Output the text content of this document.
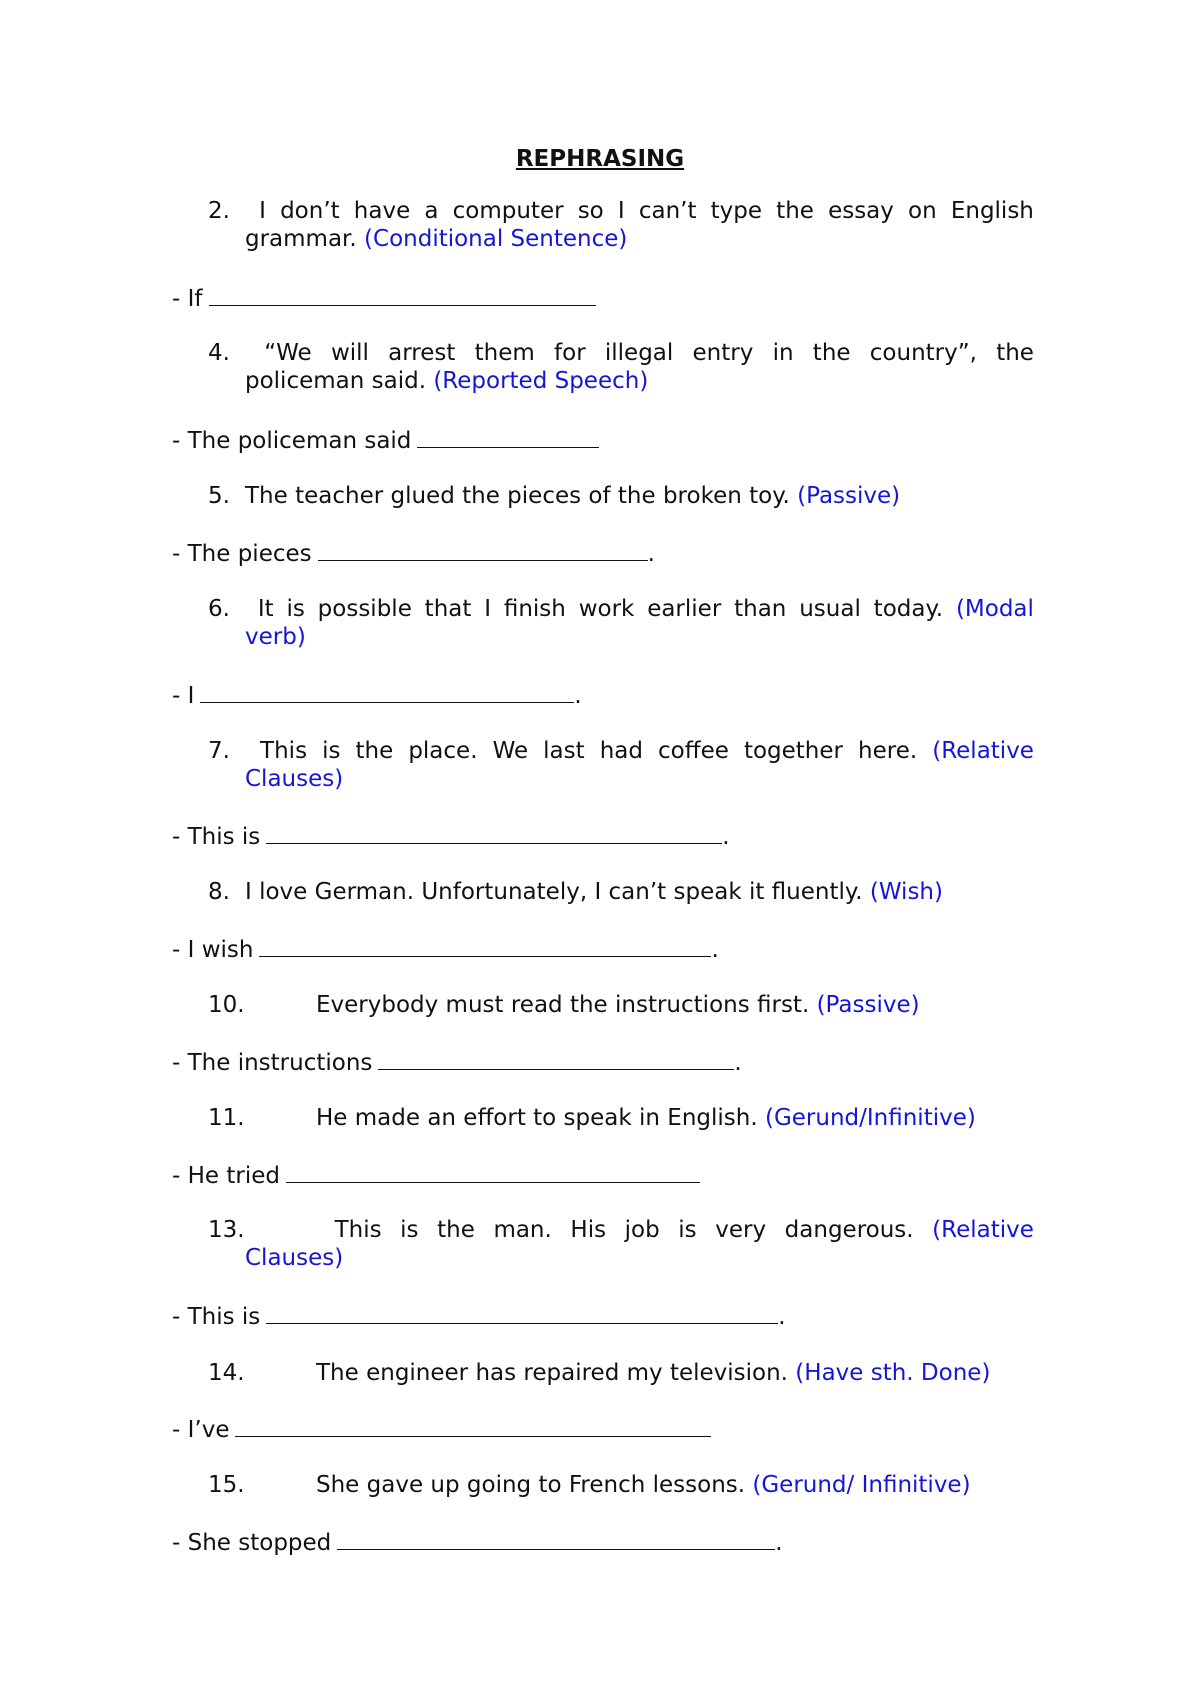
REPHRASING
2.	I don’t have a computer so I can’t type the essay on English
grammar. (Conditional Sentence)
- If
4.	“We will arrest them for illegal entry in the country”, the
policeman said. (Reported Speech)
- The policeman said
5. The teacher glued the pieces of the broken toy. (Passive)
- The pieces	.
6.	It is possible that I finish work earlier than usual today. (Modal
verb)
- I	.
7.	This is the place. We last had coffee together here. (Relative
Clauses)
- This is	.
8. I love German. Unfortunately, I can’t speak it fluently. (Wish)
- I wish	.
10.	Everybody must read the instructions first. (Passive)
- The instructions	.
11.	He made an effort to speak in English. (Gerund/Infinitive)
- He tried
13.	This is the man. His job is very dangerous. (Relative
Clauses)
- This is	.
14.	The engineer has repaired my television. (Have sth. Done)
- I’ve
15.	She gave up going to French lessons. (Gerund/ Infinitive)
- She stopped	.
